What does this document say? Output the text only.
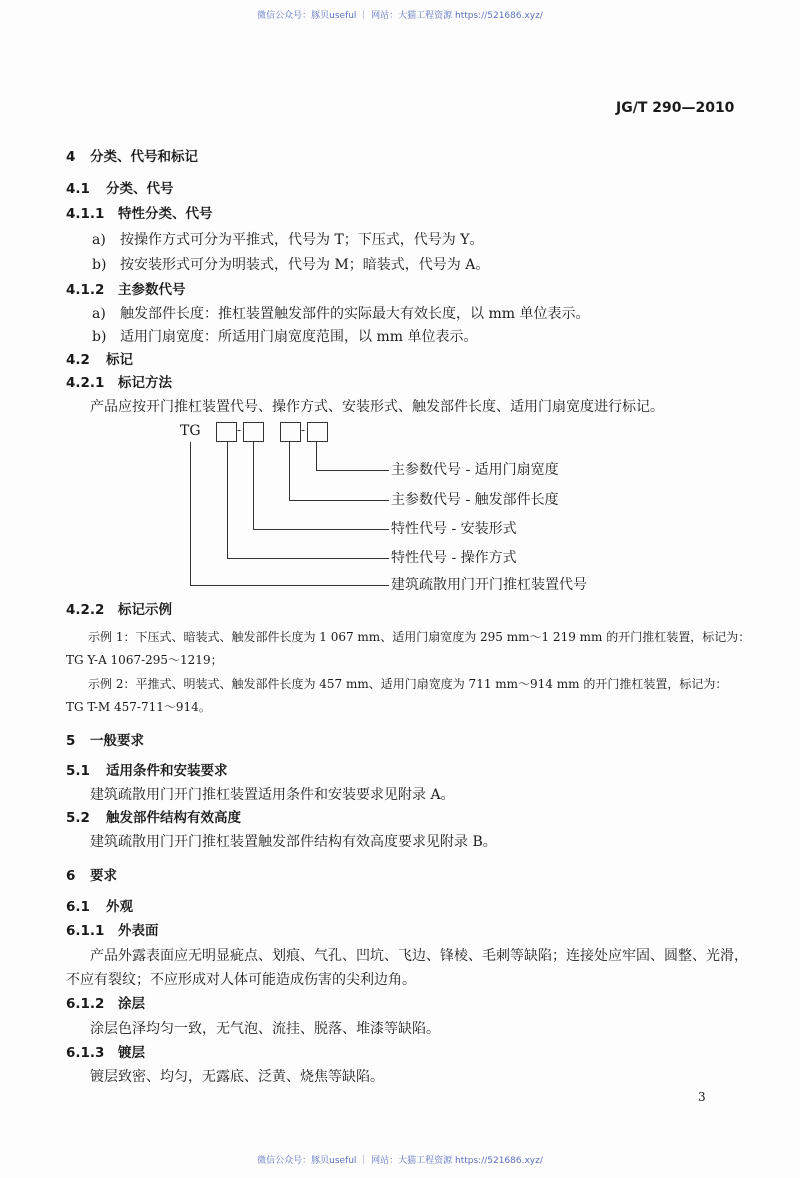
微信公众号：豚贝useful ｜ 网站：大猫工程资源 https://521686.xyz/
JG/T 290—2010
4 分类、代号和标记
4.1 分类、代号
4.1.1 特性分类、代号
a) 按操作方式可分为平推式，代号为 T；下压式，代号为 Y。
b) 按安装形式可分为明装式，代号为 M；暗装式，代号为 A。
4.1.2 主参数代号
a) 触发部件长度：推杠装置触发部件的实际最大有效长度，以 mm 单位表示。
b) 适用门扇宽度：所适用门扇宽度范围，以 mm 单位表示。
4.2 标记
4.2.1 标记方法
产品应按开门推杠装置代号、操作方式、安装形式、触发部件长度、适用门扇宽度进行标记。
TG	-	-
主参数代号 - 适用门扇宽度
主参数代号 - 触发部件长度
特性代号 - 安装形式
特性代号 - 操作方式
建筑疏散用门开门推杠装置代号
4.2.2 标记示例
示例 1：下压式、暗装式、触发部件长度为 1 067 mm、适用门扇宽度为 295 mm～1 219 mm 的开门推杠装置，标记为：
TG Y-A 1067-295～1219；
示例 2：平推式、明装式、触发部件长度为 457 mm、适用门扇宽度为 711 mm～914 mm 的开门推杠装置，标记为：
TG T-M 457-711～914。
5 一般要求
5.1 适用条件和安装要求
建筑疏散用门开门推杠装置适用条件和安装要求见附录 A。
5.2 触发部件结构有效高度
建筑疏散用门开门推杠装置触发部件结构有效高度要求见附录 B。
6 要求
6.1 外观
6.1.1 外表面
产品外露表面应无明显疵点、划痕、气孔、凹坑、飞边、锋棱、毛刺等缺陷；连接处应牢固、圆整、光滑，
不应有裂纹；不应形成对人体可能造成伤害的尖利边角。
6.1.2 涂层
涂层色泽均匀一致，无气泡、流挂、脱落、堆漆等缺陷。
6.1.3 镀层
镀层致密、均匀，无露底、泛黄、烧焦等缺陷。
3
微信公众号：豚贝useful ｜ 网站：大猫工程资源 https://521686.xyz/
